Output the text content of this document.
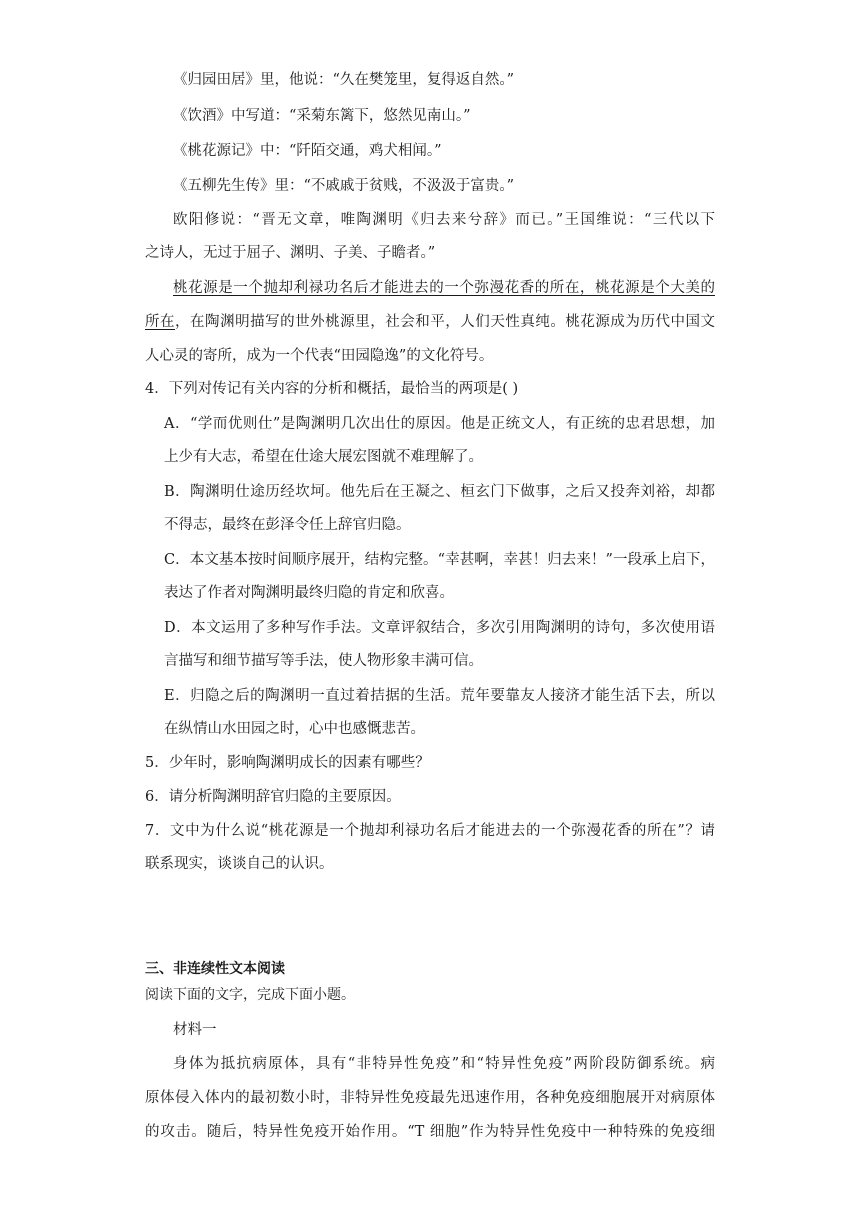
《归园田居》里，他说：“久在樊笼里，复得返自然。”
《饮酒》中写道：“采菊东篱下，悠然见南山。”
《桃花源记》中：“阡陌交通，鸡犬相闻。”
《五柳先生传》里：“不戚戚于贫贱，不汲汲于富贵。”
欧阳修说：“晋无文章，唯陶渊明《归去来兮辞》而已。”王国维说：“三代以下
之诗人，无过于屈子、渊明、子美、子瞻者。”
桃花源是一个抛却利禄功名后才能进去的一个弥漫花香的所在，桃花源是个大美的
所在，在陶渊明描写的世外桃源里，社会和平，人们天性真纯。桃花源成为历代中国文
人心灵的寄所，成为一个代表“田园隐逸”的文化符号。
4．下列对传记有关内容的分析和概括，最恰当的两项是( )
A．“学而优则仕”是陶渊明几次出仕的原因。他是正统文人，有正统的忠君思想，加
上少有大志，希望在仕途大展宏图就不难理解了。
B．陶渊明仕途历经坎坷。他先后在王凝之、桓玄门下做事，之后又投奔刘裕，却都
不得志，最终在彭泽令任上辞官归隐。
C．本文基本按时间顺序展开，结构完整。“幸甚啊，幸甚！归去来！”一段承上启下，
表达了作者对陶渊明最终归隐的肯定和欣喜。
D．本文运用了多种写作手法。文章评叙结合，多次引用陶渊明的诗句，多次使用语
言描写和细节描写等手法，使人物形象丰满可信。
E．归隐之后的陶渊明一直过着拮据的生活。荒年要靠友人接济才能生活下去，所以
在纵情山水田园之时，心中也感慨悲苦。
5．少年时，影响陶渊明成长的因素有哪些？
6．请分析陶渊明辞官归隐的主要原因。
7．文中为什么说“桃花源是一个抛却利禄功名后才能进去的一个弥漫花香的所在”？请
联系现实，谈谈自己的认识。
三、非连续性文本阅读
阅读下面的文字，完成下面小题。
材料一
身体为抵抗病原体，具有“非特异性免疫”和“特异性免疫”两阶段防御系统。病
原体侵入体内的最初数小时，非特异性免疫最先迅速作用，各种免疫细胞展开对病原体
的攻击。随后，特异性免疫开始作用。“T 细胞”作为特异性免疫中一种特殊的免疫细
